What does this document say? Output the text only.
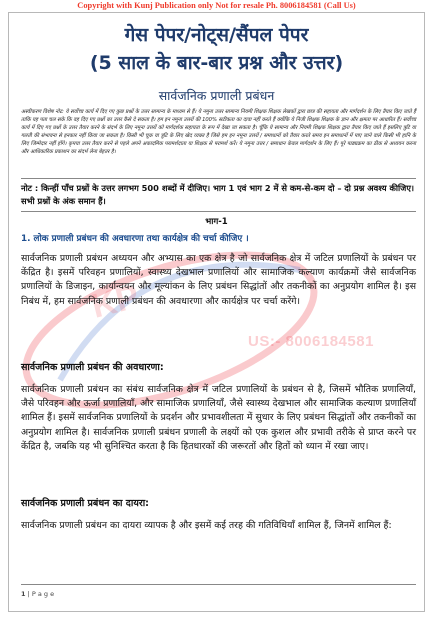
Copyright with Kunj Publication only Not for resale Ph. 8006184581 (Call Us)
गेस पेपर/नोट्स/सैंपल पेपर
(5 साल के बार-बार प्रश्न और उत्तर)
सार्वजनिक प्रणाली प्रबंधन
अस्वीकरण विशेष नोट: ये सर्वोच्च कार्य में दिए गए कुछ प्रश्नों के उत्तर सामान्य के माध्यम से हैं। ये नमूना उत्तर सामान्य नियमी शिक्षक शिक्षक लेखकों द्वारा छात्र की सहायता और मार्गदर्शन के लिए तैयार किए जाते हैं ताकि यह पता चल सके कि वह दिए गए प्रश्नों का उत्तर कैसे दे सकता है। हम इन नमूना उत्तरों की 100% सटीकता का दावा नहीं करते हैं क्योंकि ये निजी शिक्षक शिक्षक के ज्ञान और क्षमता पर आधारित हैं। सर्वोच्च कार्य में दिए गए प्रश्नों के उत्तर तैयार करने के संदर्भ के लिए नमूना उत्तरों को मार्गदर्शक सहायता के रूप में देखा जा सकता है। चूँकि ये सामान्य और नियमी शिक्षक शिक्षक द्वारा तैयार किए जाते हैं इसलिए त्रुटि या गलती की संभावना से इनकार नहीं किया जा सकता है। किसी भी चूक या त्रुटि के लिए खेद व्यक्त है जिसे हम इन नमूना उत्तरों / समाधानों को तैयार करते समय इन समाधानों में पाए जाने वाले किसी भी हानि के लिए जिम्मेदार नहीं होंगे। कृपया उत्तर तैयार करने से पहले अपने अकादमिक परामर्शदाता या शिक्षक से परामर्श करें। ये नमूना उत्तर / समाधान केवल मार्गदर्शन के लिए हैं। पूरे पाठ्यक्रम का ठीक से अध्ययन करना और आधिकारिक प्रकाशन का संदर्भ लेना बेहतर है।
नोट : किन्हीं पाँच प्रश्नों के उत्तर लगभग 500 शब्दों में दीजिए। भाग 1 एवं भाग 2 में से कम-से-कम दो – दो प्रश्न अवश्य कीजिए। सभी प्रश्नों के अंक समान हैं।
भाग-1
1. लोक प्रणाली प्रबंधन की अवधारणा तथा कार्यक्षेत्र की चर्चा कीजिए ।
KP
सार्वजनिक प्रणाली प्रबंधन अध्ययन और अभ्यास का एक क्षेत्र है जो सार्वजनिक क्षेत्र में जटिल प्रणालियों के प्रबंधन पर केंद्रित है। इसमें परिवहन प्रणालियों, स्वास्थ्य देखभाल प्रणालियों और सामाजिक कल्याण कार्यक्रमों जैसे सार्वजनिक प्रणालियों के डिजाइन, कार्यान्वयन और मूल्यांकन के लिए प्रबंधन सिद्धांतों और तकनीकों का अनुप्रयोग शामिल है। इस निबंध में, हम सार्वजनिक प्रणाली प्रबंधन की अवधारणा और कार्यक्षेत्र पर चर्चा करेंगे।
US:- 8006184581
सार्वजनिक प्रणाली प्रबंधन की अवधारणा:
सार्वजनिक प्रणाली प्रबंधन का संबंध सार्वजनिक क्षेत्र में जटिल प्रणालियों के प्रबंधन से है, जिसमें भौतिक प्रणालियाँ, जैसे परिवहन और ऊर्जा प्रणालियाँ, और सामाजिक प्रणालियाँ, जैसे स्वास्थ्य देखभाल और सामाजिक कल्याण प्रणालियाँ शामिल हैं। इसमें सार्वजनिक प्रणालियों के प्रदर्शन और प्रभावशीलता में सुधार के लिए प्रबंधन सिद्धांतों और तकनीकों का अनुप्रयोग शामिल है। सार्वजनिक प्रणाली प्रबंधन प्रणाली के लक्ष्यों को एक कुशल और प्रभावी तरीके से प्राप्त करने पर केंद्रित है, जबकि यह भी सुनिश्चित करता है कि हितधारकों की जरूरतों और हितों को ध्यान में रखा जाए।
सार्वजनिक प्रणाली प्रबंधन का दायरा:
सार्वजनिक प्रणाली प्रबंधन का दायरा व्यापक है और इसमें कई तरह की गतिविधियाँ शामिल हैं, जिनमें शामिल हैं:
1 | P a g e
